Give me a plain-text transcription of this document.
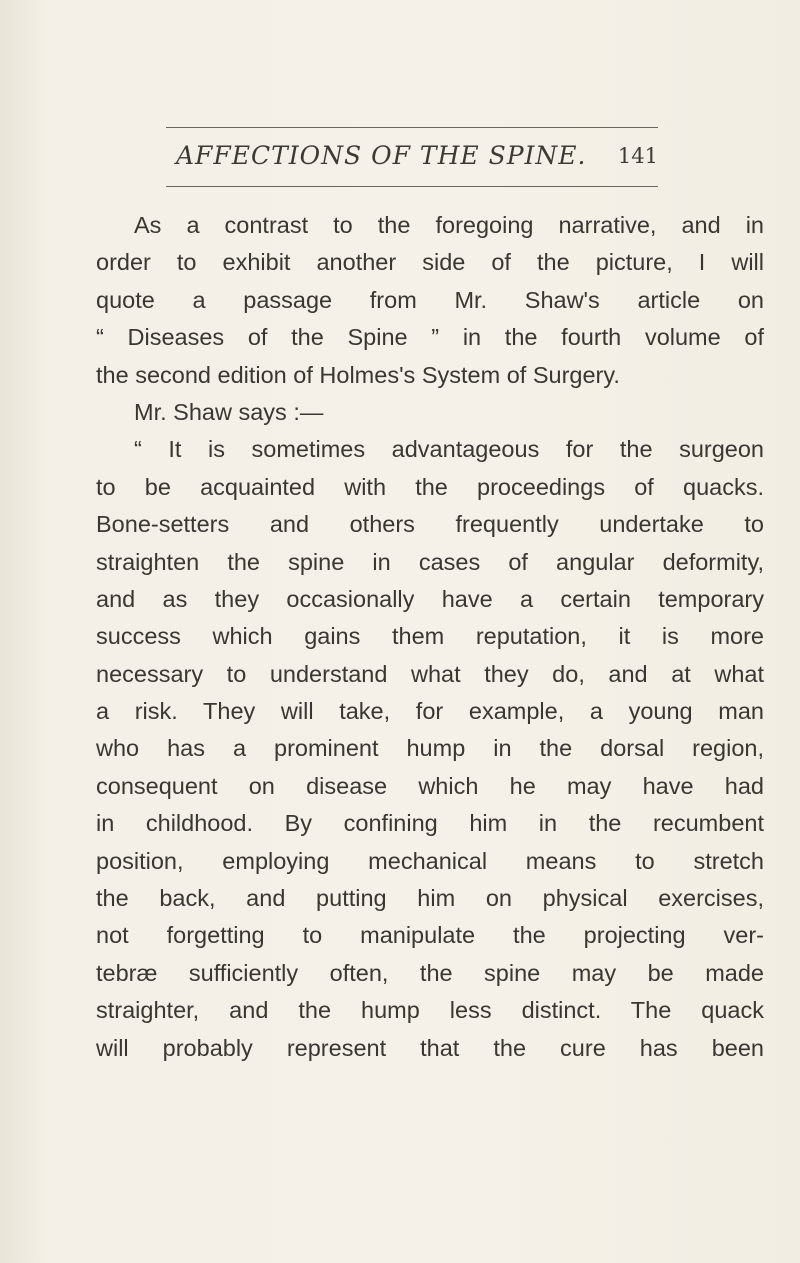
AFFECTIONS OF THE SPINE. 141
As a contrast to the foregoing narrative, and in
order to exhibit another side of the picture, I will
quote a passage from Mr. Shaw's article on
“ Diseases of the Spine ” in the fourth volume of
the second edition of Holmes's System of Surgery.
Mr. Shaw says :—
“ It is sometimes advantageous for the surgeon
to be acquainted with the proceedings of quacks.
Bone-setters and others frequently undertake to
straighten the spine in cases of angular deformity,
and as they occasionally have a certain temporary
success which gains them reputation, it is more
necessary to understand what they do, and at what
a risk. They will take, for example, a young man
who has a prominent hump in the dorsal region,
consequent on disease which he may have had
in childhood. By confining him in the recumbent
position, employing mechanical means to stretch
the back, and putting him on physical exercises,
not forgetting to manipulate the projecting ver-
tebræ sufficiently often, the spine may be made
straighter, and the hump less distinct. The quack
will probably represent that the cure has been
